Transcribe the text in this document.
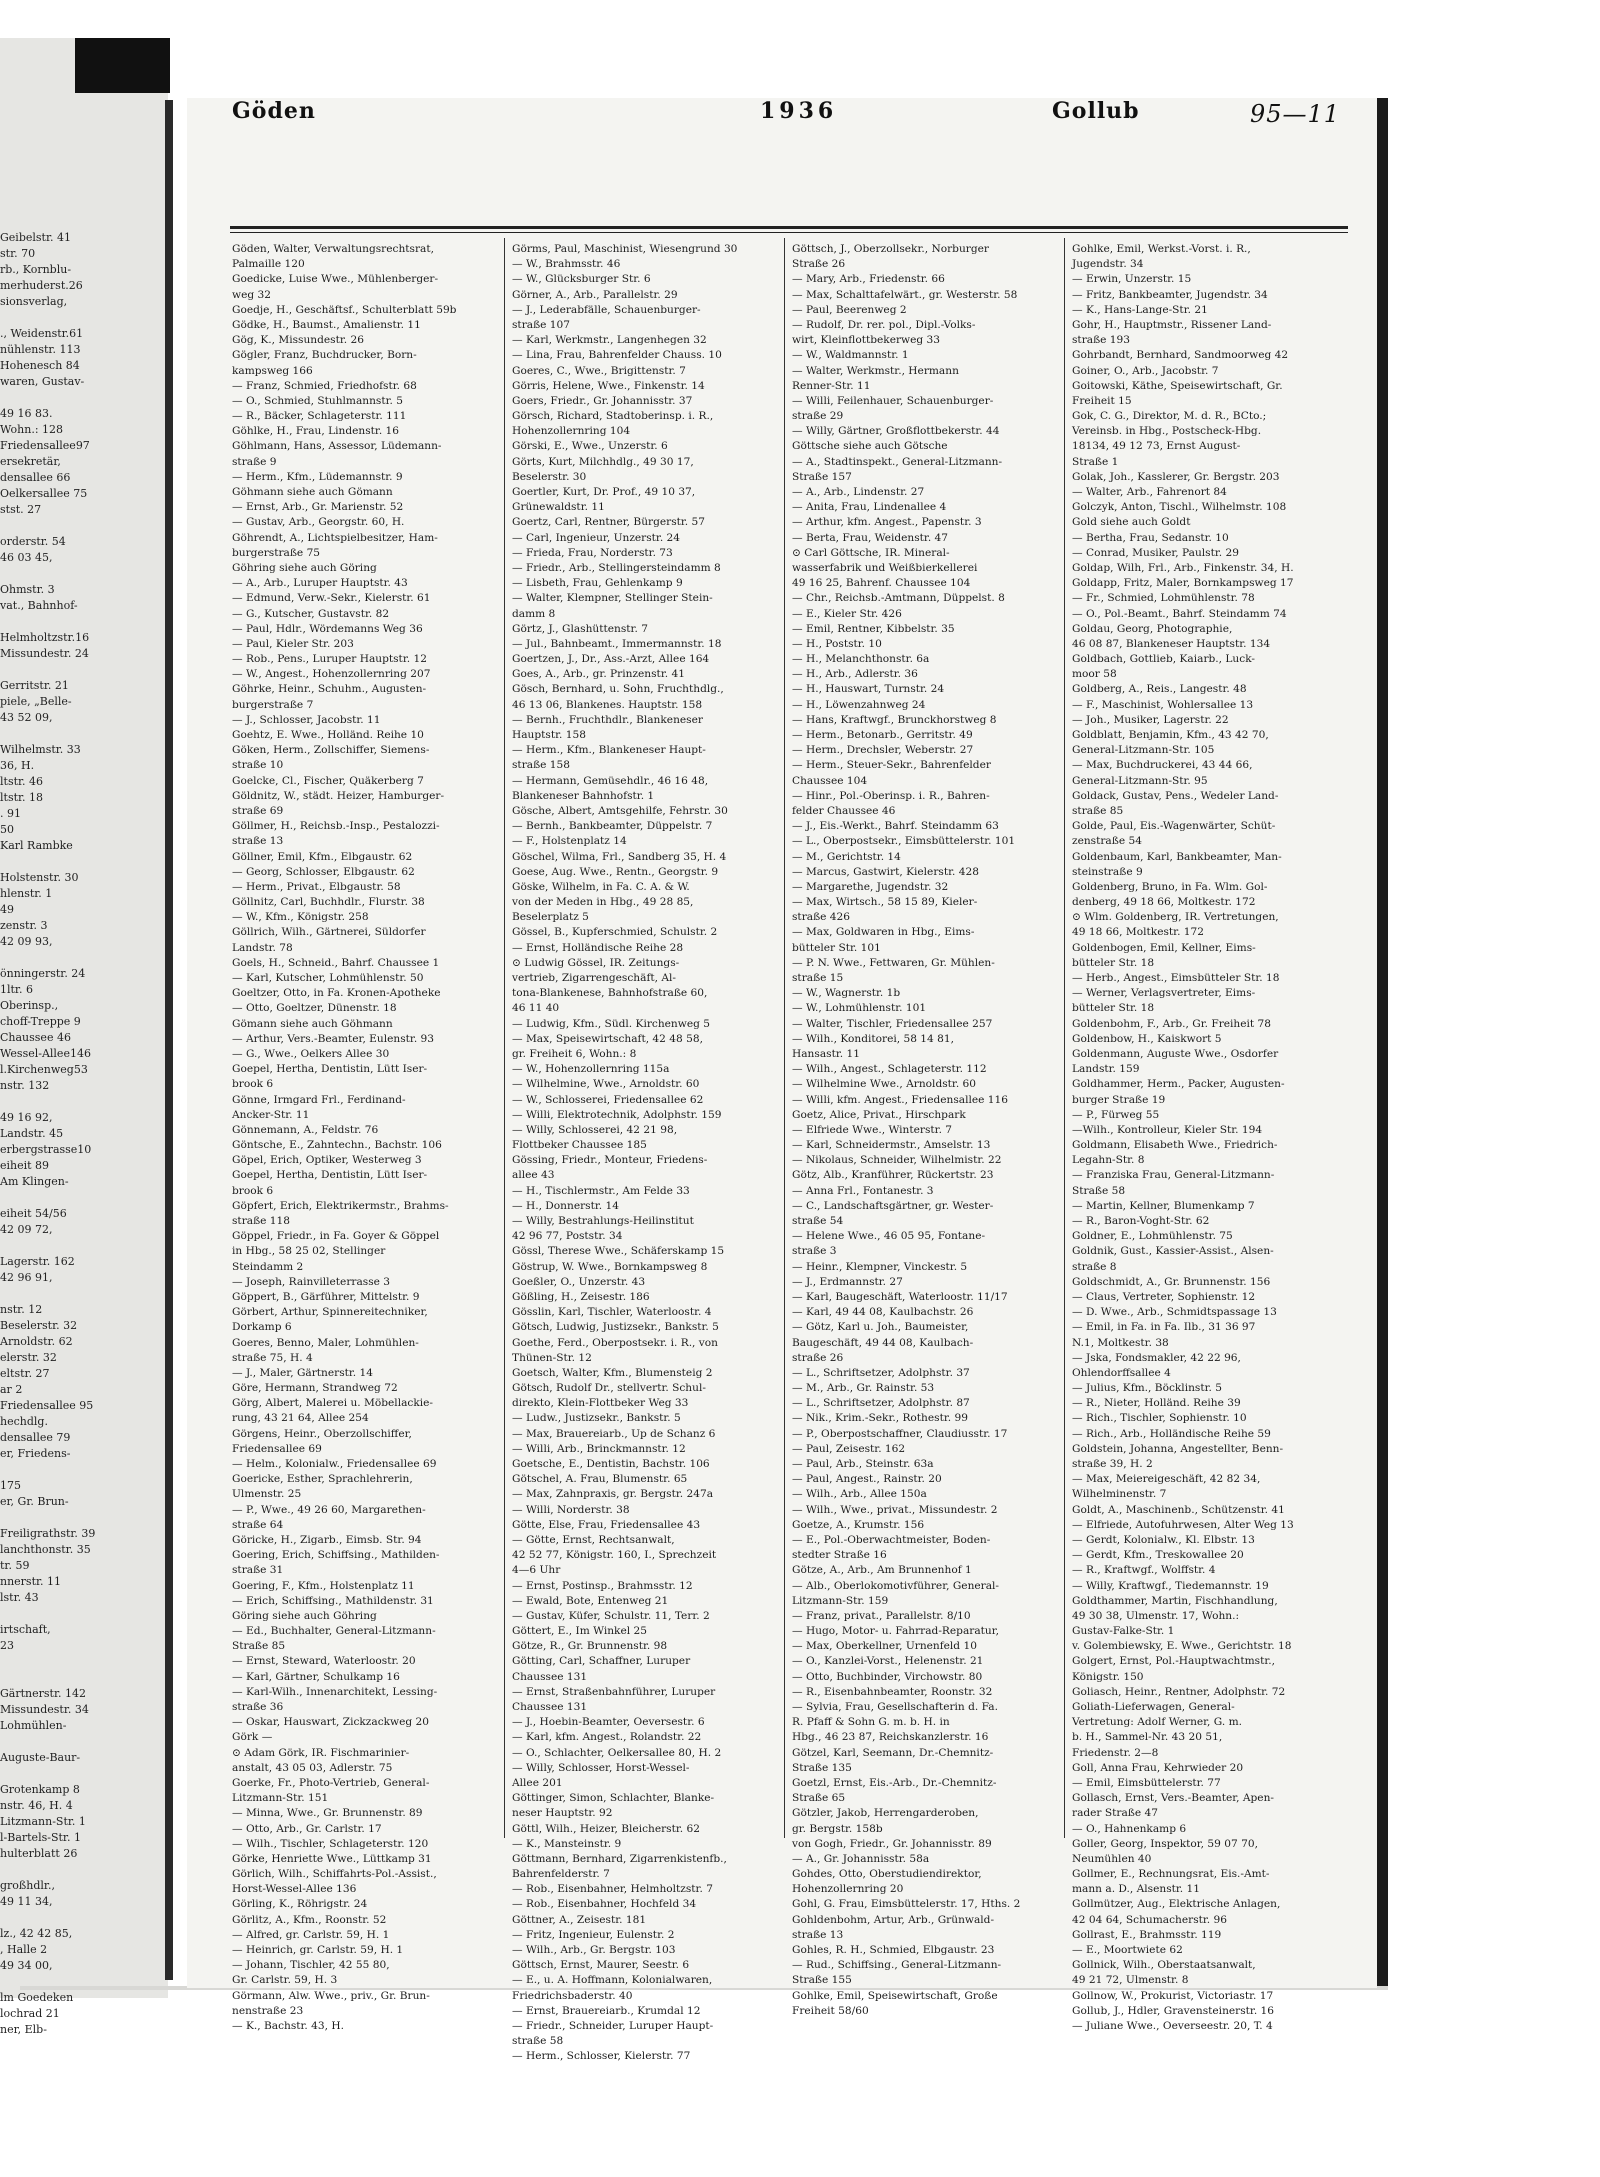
Geibelstr. 41
str. 70
rb., Kornblu-
merhuderst.26
sionsverlag,
., Weidenstr.61
nühlenstr. 113
Hohenesch 84
waren, Gustav-
49 16 83.
Wohn.: 128
Friedensallee97
ersekretär,
densallee 66
Oelkersallee 75
stst. 27
orderstr. 54
46 03 45,
Ohmstr. 3
vat., Bahnhof-
Helmholtzstr.16
Missundestr. 24
Gerritstr. 21
piele, „Belle-
43 52 09,
Wilhelmstr. 33
36, H.
ltstr. 46
ltstr. 18
. 91
50
Karl Rambke
Holstenstr. 30
hlenstr. 1
49
zenstr. 3
42 09 93,
önningerstr. 24
1ltr. 6
Oberinsp.,
choff-Treppe 9
Chaussee 46
Wessel-Allee146
l.Kirchenweg53
nstr. 132
49 16 92,
Landstr. 45
erbergstrasse10
eiheit 89
Am Klingen-
eiheit 54/56
42 09 72,
Lagerstr. 162
42 96 91,
nstr. 12
Beselerstr. 32
Arnoldstr. 62
elerstr. 32
eltstr. 27
ar 2
Friedensallee 95
hechdlg.
densallee 79
er, Friedens-
175
er, Gr. Brun-
Freiligrathstr. 39
lanchthonstr. 35
tr. 59
nnerstr. 11
lstr. 43
irtschaft,
23
Gärtnerstr. 142
Missundestr. 34
Lohmühlen-
Auguste-Baur-
Grotenkamp 8
nstr. 46, H. 4
Litzmann-Str. 1
l-Bartels-Str. 1
hulterblatt 26
großhdlr.,
49 11 34,
lz., 42 42 85,
, Halle 2
49 34 00,
lm Goedeken
lochrad 21
ner, Elb-
Göden	1936	Gollub	95—11
Göden, Walter, Verwaltungsrechtsrat,
Palmaille 120
Goedicke, Luise Wwe., Mühlenberger-
weg 32
Goedje, H., Geschäftsf., Schulterblatt 59b
Gödke, H., Baumst., Amalienstr. 11
Gög, K., Missundestr. 26
Gögler, Franz, Buchdrucker, Born-
kampsweg 166
— Franz, Schmied, Friedhofstr. 68
— O., Schmied, Stuhlmannstr. 5
— R., Bäcker, Schlageterstr. 111
Göhlke, H., Frau, Lindenstr. 16
Göhlmann, Hans, Assessor, Lüdemann-
straße 9
— Herm., Kfm., Lüdemannstr. 9
Göhmann siehe auch Gömann
— Ernst, Arb., Gr. Marienstr. 52
— Gustav, Arb., Georgstr. 60, H.
Göhrendt, A., Lichtspielbesitzer, Ham-
burgerstraße 75
Göhring siehe auch Göring
— A., Arb., Luruper Hauptstr. 43
— Edmund, Verw.-Sekr., Kielerstr. 61
— G., Kutscher, Gustavstr. 82
— Paul, Hdlr., Wördemanns Weg 36
— Paul, Kieler Str. 203
— Rob., Pens., Luruper Hauptstr. 12
— W., Angest., Hohenzollernring 207
Göhrke, Heinr., Schuhm., Augusten-
burgerstraße 7
— J., Schlosser, Jacobstr. 11
Goehtz, E. Wwe., Holländ. Reihe 10
Göken, Herm., Zollschiffer, Siemens-
straße 10
Goelcke, Cl., Fischer, Quäkerberg 7
Göldnitz, W., städt. Heizer, Hamburger-
straße 69
Göllmer, H., Reichsb.-Insp., Pestalozzi-
straße 13
Göllner, Emil, Kfm., Elbgaustr. 62
— Georg, Schlosser, Elbgaustr. 62
— Herm., Privat., Elbgaustr. 58
Göllnitz, Carl, Buchhdlr., Flurstr. 38
— W., Kfm., Königstr. 258
Göllrich, Wilh., Gärtnerei, Süldorfer
Landstr. 78
Goels, H., Schneid., Bahrf. Chaussee 1
— Karl, Kutscher, Lohmühlenstr. 50
Goeltzer, Otto, in Fa. Kronen-Apotheke
— Otto, Goeltzer, Dünenstr. 18
Gömann siehe auch Göhmann
— Arthur, Vers.-Beamter, Eulenstr. 93
— G., Wwe., Oelkers Allee 30
Goepel, Hertha, Dentistin, Lütt Iser-
brook 6
Gönne, Irmgard Frl., Ferdinand-
Ancker-Str. 11
Gönnemann, A., Feldstr. 76
Göntsche, E., Zahntechn., Bachstr. 106
Göpel, Erich, Optiker, Westerweg 3
Goepel, Hertha, Dentistin, Lütt Iser-
brook 6
Göpfert, Erich, Elektrikermstr., Brahms-
straße 118
Göppel, Friedr., in Fa. Goyer & Göppel
in Hbg., 58 25 02, Stellinger
Steindamm 2
— Joseph, Rainvilleterrasse 3
Göppert, B., Gärführer, Mittelstr. 9
Görbert, Arthur, Spinnereitechniker,
Dorkamp 6
Goeres, Benno, Maler, Lohmühlen-
straße 75, H. 4
— J., Maler, Gärtnerstr. 14
Göre, Hermann, Strandweg 72
Görg, Albert, Malerei u. Möbellackie-
rung, 43 21 64, Allee 254
Görgens, Heinr., Oberzollschiffer,
Friedensallee 69
— Helm., Kolonialw., Friedensallee 69
Goericke, Esther, Sprachlehrerin,
Ulmenstr. 25
— P., Wwe., 49 26 60, Margarethen-
straße 64
Göricke, H., Zigarb., Eimsb. Str. 94
Goering, Erich, Schiffsing., Mathilden-
straße 31
Goering, F., Kfm., Holstenplatz 11
— Erich, Schiffsing., Mathildenstr. 31
Göring siehe auch Göhring
— Ed., Buchhalter, General-Litzmann-
Straße 85
— Ernst, Steward, Waterloostr. 20
— Karl, Gärtner, Schulkamp 16
— Karl-Wilh., Innenarchitekt, Lessing-
straße 36
— Oskar, Hauswart, Zickzackweg 20
Görk —
⊙ Adam Görk, IR. Fischmarinier-
anstalt, 43 05 03, Adlerstr. 75
Goerke, Fr., Photo-Vertrieb, General-
Litzmann-Str. 151
— Minna, Wwe., Gr. Brunnenstr. 89
— Otto, Arb., Gr. Carlstr. 17
— Wilh., Tischler, Schlageterstr. 120
Görke, Henriette Wwe., Lüttkamp 31
Görlich, Wilh., Schiffahrts-Pol.-Assist.,
Horst-Wessel-Allee 136
Görling, K., Röhrigstr. 24
Görlitz, A., Kfm., Roonstr. 52
— Alfred, gr. Carlstr. 59, H. 1
— Heinrich, gr. Carlstr. 59, H. 1
— Johann, Tischler, 42 55 80,
Gr. Carlstr. 59, H. 3
Görmann, Alw. Wwe., priv., Gr. Brun-
nenstraße 23
— K., Bachstr. 43, H.
Görms, Paul, Maschinist, Wiesengrund 30
— W., Brahmsstr. 46
— W., Glücksburger Str. 6
Görner, A., Arb., Parallelstr. 29
— J., Lederabfälle, Schauenburger-
straße 107
— Karl, Werkmstr., Langenhegen 32
— Lina, Frau, Bahrenfelder Chauss. 10
Goeres, C., Wwe., Brigittenstr. 7
Görris, Helene, Wwe., Finkenstr. 14
Goers, Friedr., Gr. Johannisstr. 37
Görsch, Richard, Stadtoberinsp. i. R.,
Hohenzollernring 104
Görski, E., Wwe., Unzerstr. 6
Görts, Kurt, Milchhdlg., 49 30 17,
Beselerstr. 30
Goertler, Kurt, Dr. Prof., 49 10 37,
Grünewaldstr. 11
Goertz, Carl, Rentner, Bürgerstr. 57
— Carl, Ingenieur, Unzerstr. 24
— Frieda, Frau, Norderstr. 73
— Friedr., Arb., Stellingersteindamm 8
— Lisbeth, Frau, Gehlenkamp 9
— Walter, Klempner, Stellinger Stein-
damm 8
Görtz, J., Glashüttenstr. 7
— Jul., Bahnbeamt., Immermannstr. 18
Goertzen, J., Dr., Ass.-Arzt, Allee 164
Goes, A., Arb., gr. Prinzenstr. 41
Gösch, Bernhard, u. Sohn, Fruchthdlg.,
46 13 06, Blankenes. Hauptstr. 158
— Bernh., Fruchthdlr., Blankeneser
Hauptstr. 158
— Herm., Kfm., Blankeneser Haupt-
straße 158
— Hermann, Gemüsehdlr., 46 16 48,
Blankeneser Bahnhofstr. 1
Gösche, Albert, Amtsgehilfe, Fehrstr. 30
— Bernh., Bankbeamter, Düppelstr. 7
— F., Holstenplatz 14
Göschel, Wilma, Frl., Sandberg 35, H. 4
Goese, Aug. Wwe., Rentn., Georgstr. 9
Göske, Wilhelm, in Fa. C. A. & W.
von der Meden in Hbg., 49 28 85,
Beselerplatz 5
Gössel, B., Kupferschmied, Schulstr. 2
— Ernst, Holländische Reihe 28
⊙ Ludwig Gössel, IR. Zeitungs-
vertrieb, Zigarrengeschäft, Al-
tona-Blankenese, Bahnhofstraße 60,
46 11 40
— Ludwig, Kfm., Südl. Kirchenweg 5
— Max, Speisewirtschaft, 42 48 58,
gr. Freiheit 6, Wohn.: 8
— W., Hohenzollernring 115a
— Wilhelmine, Wwe., Arnoldstr. 60
— W., Schlosserei, Friedensallee 62
— Willi, Elektrotechnik, Adolphstr. 159
— Willy, Schlosserei, 42 21 98,
Flottbeker Chaussee 185
Gössing, Friedr., Monteur, Friedens-
allee 43
— H., Tischlermstr., Am Felde 33
— H., Donnerstr. 14
— Willy, Bestrahlungs-Heilinstitut
42 96 77, Poststr. 34
Gössl, Therese Wwe., Schäferskamp 15
Göstrup, W. Wwe., Bornkampsweg 8
Goeßler, O., Unzerstr. 43
Gößling, H., Zeisestr. 186
Gösslin, Karl, Tischler, Waterloostr. 4
Götsch, Ludwig, Justizsekr., Bankstr. 5
Goethe, Ferd., Oberpostsekr. i. R., von
Thünen-Str. 12
Goetsch, Walter, Kfm., Blumensteig 2
Götsch, Rudolf Dr., stellvertr. Schul-
direkto, Klein-Flottbeker Weg 33
— Ludw., Justizsekr., Bankstr. 5
— Max, Brauereiarb., Up de Schanz 6
— Willi, Arb., Brinckmannstr. 12
Goetsche, E., Dentistin, Bachstr. 106
Götschel, A. Frau, Blumenstr. 65
— Max, Zahnpraxis, gr. Bergstr. 247a
— Willi, Norderstr. 38
Götte, Else, Frau, Friedensallee 43
— Götte, Ernst, Rechtsanwalt,
42 52 77, Königstr. 160, I., Sprechzeit
4—6 Uhr
— Ernst, Postinsp., Brahmsstr. 12
— Ewald, Bote, Entenweg 21
— Gustav, Küfer, Schulstr. 11, Terr. 2
Göttert, E., Im Winkel 25
Götze, R., Gr. Brunnenstr. 98
Götting, Carl, Schaffner, Luruper
Chaussee 131
— Ernst, Straßenbahnführer, Luruper
Chaussee 131
— J., Hoebin-Beamter, Oeversestr. 6
— Karl, kfm. Angest., Rolandstr. 22
— O., Schlachter, Oelkersallee 80, H. 2
— Willy, Schlosser, Horst-Wessel-
Allee 201
Göttinger, Simon, Schlachter, Blanke-
neser Hauptstr. 92
Göttl, Wilh., Heizer, Bleicherstr. 62
— K., Mansteinstr. 9
Göttmann, Bernhard, Zigarrenkistenfb.,
Bahrenfelderstr. 7
— Rob., Eisenbahner, Helmholtzstr. 7
— Rob., Eisenbahner, Hochfeld 34
Göttner, A., Zeisestr. 181
— Fritz, Ingenieur, Eulenstr. 2
— Wilh., Arb., Gr. Bergstr. 103
Göttsch, Ernst, Maurer, Seestr. 6
— E., u. A. Hoffmann, Kolonialwaren,
Friedrichsbaderstr. 40
— Ernst, Brauereiarb., Krumdal 12
— Friedr., Schneider, Luruper Haupt-
straße 58
— Herm., Schlosser, Kielerstr. 77
Göttsch, J., Oberzollsekr., Norburger
Straße 26
— Mary, Arb., Friedenstr. 66
— Max, Schalttafelwärt., gr. Westerstr. 58
— Paul, Beerenweg 2
— Rudolf, Dr. rer. pol., Dipl.-Volks-
wirt, Kleinflottbekerweg 33
— W., Waldmannstr. 1
— Walter, Werkmstr., Hermann
Renner-Str. 11
— Willi, Feilenhauer, Schauenburger-
straße 29
— Willy, Gärtner, Großflottbekerstr. 44
Göttsche siehe auch Götsche
— A., Stadtinspekt., General-Litzmann-
Straße 157
— A., Arb., Lindenstr. 27
— Anita, Frau, Lindenallee 4
— Arthur, kfm. Angest., Papenstr. 3
— Berta, Frau, Weidenstr. 47
⊙ Carl Göttsche, IR. Mineral-
wasserfabrik und Weißbierkellerei
49 16 25, Bahrenf. Chaussee 104
— Chr., Reichsb.-Amtmann, Düppelst. 8
— E., Kieler Str. 426
— Emil, Rentner, Kibbelstr. 35
— H., Poststr. 10
— H., Melanchthonstr. 6a
— H., Arb., Adlerstr. 36
— H., Hauswart, Turnstr. 24
— H., Löwenzahnweg 24
— Hans, Kraftwgf., Brunckhorstweg 8
— Herm., Betonarb., Gerritstr. 49
— Herm., Drechsler, Weberstr. 27
— Herm., Steuer-Sekr., Bahrenfelder
Chaussee 104
— Hinr., Pol.-Oberinsp. i. R., Bahren-
felder Chaussee 46
— J., Eis.-Werkt., Bahrf. Steindamm 63
— L., Oberpostsekr., Eimsbüttelerstr. 101
— M., Gerichtstr. 14
— Marcus, Gastwirt, Kielerstr. 428
— Margarethe, Jugendstr. 32
— Max, Wirtsch., 58 15 89, Kieler-
straße 426
— Max, Goldwaren in Hbg., Eims-
bütteler Str. 101
— P. N. Wwe., Fettwaren, Gr. Mühlen-
straße 15
— W., Wagnerstr. 1b
— W., Lohmühlenstr. 101
— Walter, Tischler, Friedensallee 257
— Wilh., Konditorei, 58 14 81,
Hansastr. 11
— Wilh., Angest., Schlageterstr. 112
— Wilhelmine Wwe., Arnoldstr. 60
— Willi, kfm. Angest., Friedensallee 116
Goetz, Alice, Privat., Hirschpark
— Elfriede Wwe., Winterstr. 7
— Karl, Schneidermstr., Amselstr. 13
— Nikolaus, Schneider, Wilhelmistr. 22
Götz, Alb., Kranführer, Rückertstr. 23
— Anna Frl., Fontanestr. 3
— C., Landschaftsgärtner, gr. Wester-
straße 54
— Helene Wwe., 46 05 95, Fontane-
straße 3
— Heinr., Klempner, Vinckestr. 5
— J., Erdmannstr. 27
— Karl, Baugeschäft, Waterloostr. 11/17
— Karl, 49 44 08, Kaulbachstr. 26
— Götz, Karl u. Joh., Baumeister,
Baugeschäft, 49 44 08, Kaulbach-
straße 26
— L., Schriftsetzer, Adolphstr. 37
— M., Arb., Gr. Rainstr. 53
— L., Schriftsetzer, Adolphstr. 87
— Nik., Krim.-Sekr., Rothestr. 99
— P., Oberpostschaffner, Claudiusstr. 17
— Paul, Zeisestr. 162
— Paul, Arb., Steinstr. 63a
— Paul, Angest., Rainstr. 20
— Wilh., Arb., Allee 150a
— Wilh., Wwe., privat., Missundestr. 2
Goetze, A., Krumstr. 156
— E., Pol.-Oberwachtmeister, Boden-
stedter Straße 16
Götze, A., Arb., Am Brunnenhof 1
— Alb., Oberlokomotivführer, General-
Litzmann-Str. 159
— Franz, privat., Parallelstr. 8/10
— Hugo, Motor- u. Fahrrad-Reparatur,
— Max, Oberkellner, Urnenfeld 10
— O., Kanzlei-Vorst., Helenenstr. 21
— Otto, Buchbinder, Virchowstr. 80
— R., Eisenbahnbeamter, Roonstr. 32
— Sylvia, Frau, Gesellschafterin d. Fa.
R. Pfaff & Sohn G. m. b. H. in
Hbg., 46 23 87, Reichskanzlerstr. 16
Götzel, Karl, Seemann, Dr.-Chemnitz-
Straße 135
Goetzl, Ernst, Eis.-Arb., Dr.-Chemnitz-
Straße 65
Götzler, Jakob, Herrengarderoben,
gr. Bergstr. 158b
von Gogh, Friedr., Gr. Johannisstr. 89
— A., Gr. Johannisstr. 58a
Gohdes, Otto, Oberstudiendirektor,
Hohenzollernring 20
Gohl, G. Frau, Eimsbüttelerstr. 17, Hths. 2
Gohldenbohm, Artur, Arb., Grünwald-
straße 13
Gohles, R. H., Schmied, Elbgaustr. 23
— Rud., Schiffsing., General-Litzmann-
Straße 155
Gohlke, Emil, Speisewirtschaft, Große
Freiheit 58/60
Gohlke, Emil, Werkst.-Vorst. i. R.,
Jugendstr. 34
— Erwin, Unzerstr. 15
— Fritz, Bankbeamter, Jugendstr. 34
— K., Hans-Lange-Str. 21
Gohr, H., Hauptmstr., Rissener Land-
straße 193
Gohrbandt, Bernhard, Sandmoorweg 42
Goiner, O., Arb., Jacobstr. 7
Goitowski, Käthe, Speisewirtschaft, Gr.
Freiheit 15
Gok, C. G., Direktor, M. d. R., BCto.;
Vereinsb. in Hbg., Postscheck-Hbg.
18134, 49 12 73, Ernst August-
Straße 1
Golak, Joh., Kasslerer, Gr. Bergstr. 203
— Walter, Arb., Fahrenort 84
Golczyk, Anton, Tischl., Wilhelmstr. 108
Gold siehe auch Goldt
— Bertha, Frau, Sedanstr. 10
— Conrad, Musiker, Paulstr. 29
Goldap, Wilh, Frl., Arb., Finkenstr. 34, H.
Goldapp, Fritz, Maler, Bornkampsweg 17
— Fr., Schmied, Lohmühlenstr. 78
— O., Pol.-Beamt., Bahrf. Steindamm 74
Goldau, Georg, Photographie,
46 08 87, Blankeneser Hauptstr. 134
Goldbach, Gottlieb, Kaiarb., Luck-
moor 58
Goldberg, A., Reis., Langestr. 48
— F., Maschinist, Wohlersallee 13
— Joh., Musiker, Lagerstr. 22
Goldblatt, Benjamin, Kfm., 43 42 70,
General-Litzmann-Str. 105
— Max, Buchdruckerei, 43 44 66,
General-Litzmann-Str. 95
Goldack, Gustav, Pens., Wedeler Land-
straße 85
Golde, Paul, Eis.-Wagenwärter, Schüt-
zenstraße 54
Goldenbaum, Karl, Bankbeamter, Man-
steinstraße 9
Goldenberg, Bruno, in Fa. Wlm. Gol-
denberg, 49 18 66, Moltkestr. 172
⊙ Wlm. Goldenberg, IR. Vertretungen,
49 18 66, Moltkestr. 172
Goldenbogen, Emil, Kellner, Eims-
bütteler Str. 18
— Herb., Angest., Eimsbütteler Str. 18
— Werner, Verlagsvertreter, Eims-
bütteler Str. 18
Goldenbohm, F., Arb., Gr. Freiheit 78
Goldenbow, H., Kaiskwort 5
Goldenmann, Auguste Wwe., Osdorfer
Landstr. 159
Goldhammer, Herm., Packer, Augusten-
burger Straße 19
— P., Fürweg 55
—Wilh., Kontrolleur, Kieler Str. 194
Goldmann, Elisabeth Wwe., Friedrich-
Legahn-Str. 8
— Franziska Frau, General-Litzmann-
Straße 58
— Martin, Kellner, Blumenkamp 7
— R., Baron-Voght-Str. 62
Goldner, E., Lohmühlenstr. 75
Goldnik, Gust., Kassier-Assist., Alsen-
straße 8
Goldschmidt, A., Gr. Brunnenstr. 156
— Claus, Vertreter, Sophienstr. 12
— D. Wwe., Arb., Schmidtspassage 13
— Emil, in Fa. in Fa. Ilb., 31 36 97
N.1, Moltkestr. 38
— Jska, Fondsmakler, 42 22 96,
Ohlendorffsallee 4
— Julius, Kfm., Böcklinstr. 5
— R., Nieter, Holländ. Reihe 39
— Rich., Tischler, Sophienstr. 10
— Rich., Arb., Holländische Reihe 59
Goldstein, Johanna, Angestellter, Benn-
straße 39, H. 2
— Max, Meiereigeschäft, 42 82 34,
Wilhelminenstr. 7
Goldt, A., Maschinenb., Schützenstr. 41
— Elfriede, Autofuhrwesen, Alter Weg 13
— Gerdt, Kolonialw., Kl. Elbstr. 13
— Gerdt, Kfm., Treskowallee 20
— R., Kraftwgf., Wolffstr. 4
— Willy, Kraftwgf., Tiedemannstr. 19
Goldthammer, Martin, Fischhandlung,
49 30 38, Ulmenstr. 17, Wohn.:
Gustav-Falke-Str. 1
v. Golembiewsky, E. Wwe., Gerichtstr. 18
Golgert, Ernst, Pol.-Hauptwachtmstr.,
Königstr. 150
Goliasch, Heinr., Rentner, Adolphstr. 72
Goliath-Lieferwagen, General-
Vertretung: Adolf Werner, G. m.
b. H., Sammel-Nr. 43 20 51,
Friedenstr. 2—8
Goll, Anna Frau, Kehrwieder 20
— Emil, Eimsbüttelerstr. 77
Gollasch, Ernst, Vers.-Beamter, Apen-
rader Straße 47
— O., Hahnenkamp 6
Goller, Georg, Inspektor, 59 07 70,
Neumühlen 40
Gollmer, E., Rechnungsrat, Eis.-Amt-
mann a. D., Alsenstr. 11
Gollmützer, Aug., Elektrische Anlagen,
42 04 64, Schumacherstr. 96
Gollrast, E., Brahmsstr. 119
— E., Moortwiete 62
Gollnick, Wilh., Oberstaatsanwalt,
49 21 72, Ulmenstr. 8
Gollnow, W., Prokurist, Victoriastr. 17
Gollub, J., Hdler, Gravensteinerstr. 16
— Juliane Wwe., Oeverseestr. 20, T. 4
